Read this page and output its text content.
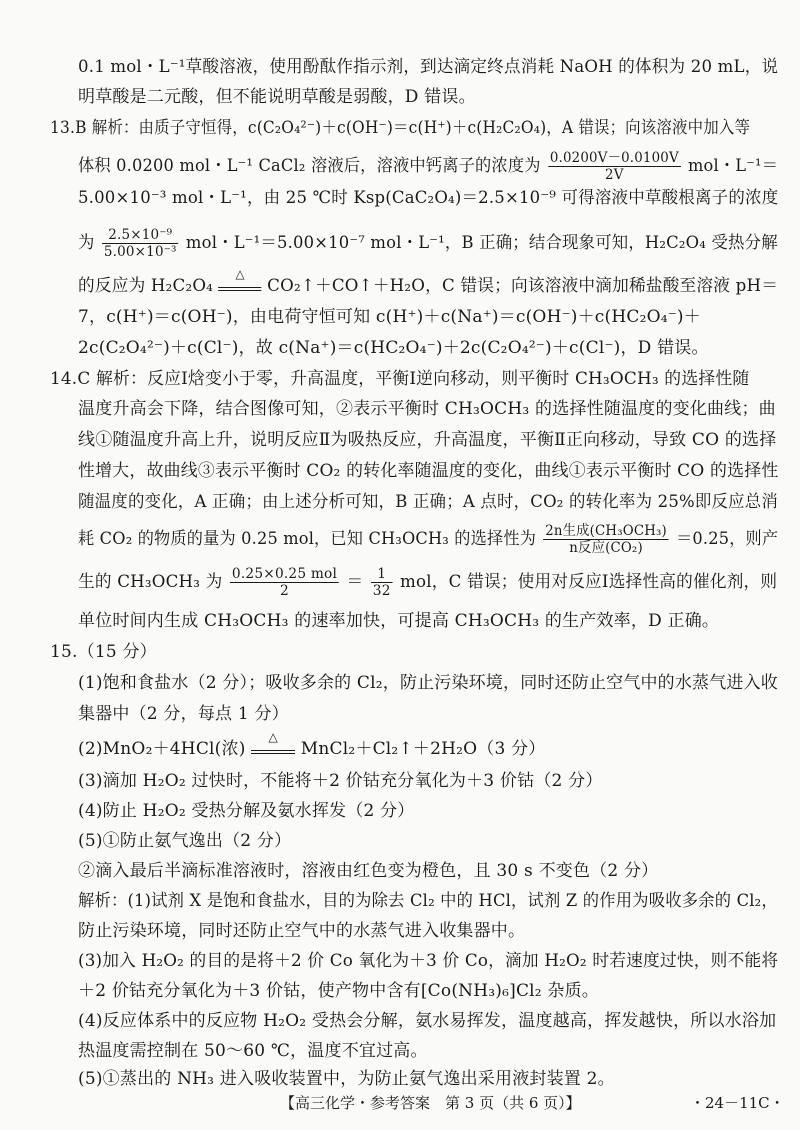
0.1 mol・L⁻¹草酸溶液，使用酚酞作指示剂，到达滴定终点消耗 NaOH 的体积为 20 mL，说
明草酸是二元酸，但不能说明草酸是弱酸，D 错误。
13.B 解析：由质子守恒得，c(C₂O₄²⁻)＋c(OH⁻)＝c(H⁺)＋c(H₂C₂O₄)，A 错误；向该溶液中加入等
体积 0.0200 mol・L⁻¹ CaCl₂ 溶液后，溶液中钙离子的浓度为 $\frac{0.0200V-0.0100V}{2V}$ mol・L⁻¹＝
5.00×10⁻³ mol・L⁻¹，由 25 ℃时 Ksp(CaC₂O₄)＝2.5×10⁻⁹ 可得溶液中草酸根离子的浓度
为 $\frac{\text{2.5×10⁻⁹}}{\text{5.00×10⁻³}}$ mol・L⁻¹＝5.00×10⁻⁷ mol・L⁻¹，B 正确；结合现象可知，H₂C₂O₄ 受热分解
的反应为 H₂C₂O₄
△
CO₂↑＋CO↑＋H₂O，C 错误；向该溶液中滴加稀盐酸至溶液 pH＝
7，c(H⁺)＝c(OH⁻)，由电荷守恒可知 c(H⁺)＋c(Na⁺)＝c(OH⁻)＋c(HC₂O₄⁻)＋
2c(C₂O₄²⁻)＋c(Cl⁻)，故 c(Na⁺)＝c(HC₂O₄⁻)＋2c(C₂O₄²⁻)＋c(Cl⁻)，D 错误。
14.C 解析：反应Ⅰ焓变小于零，升高温度，平衡Ⅰ逆向移动，则平衡时 CH₃OCH₃ 的选择性随
温度升高会下降，结合图像可知，②表示平衡时 CH₃OCH₃ 的选择性随温度的变化曲线；曲
线①随温度升高上升，说明反应Ⅱ为吸热反应，升高温度，平衡Ⅱ正向移动，导致 CO 的选择
性增大，故曲线③表示平衡时 CO₂ 的转化率随温度的变化，曲线①表示平衡时 CO 的选择性
随温度的变化，A 正确；由上述分析可知，B 正确；A 点时，CO₂ 的转化率为 25%即反应总消
耗 CO₂ 的物质的量为 0.25 mol，已知 CH₃OCH₃ 的选择性为 $\frac{\text{2n生成(CH₃OCH₃)}}{\text{n反应(CO₂)}} =0.25$，则产
生的 CH₃OCH₃ 为 $\frac{\text{0.25×0.25 mol}}{2} = \frac{1}{32}$ mol，C 错误；使用对反应Ⅰ选择性高的催化剂，则
单位时间内生成 CH₃OCH₃ 的速率加快，可提高 CH₃OCH₃ 的生产效率，D 正确。
15.（15 分）
(1)饱和食盐水（2 分）；吸收多余的 Cl₂，防止污染环境，同时还防止空气中的水蒸气进入收
集器中（2 分，每点 1 分）
(2)MnO₂＋4HCl(浓)
△
MnCl₂＋Cl₂↑＋2H₂O（3 分）
(3)滴加 H₂O₂ 过快时，不能将＋2 价钴充分氧化为＋3 价钴（2 分）
(4)防止 H₂O₂ 受热分解及氨水挥发（2 分）
(5)①防止氨气逸出（2 分）
②滴入最后半滴标准溶液时，溶液由红色变为橙色，且 30 s 不变色（2 分）
解析：(1)试剂 X 是饱和食盐水，目的为除去 Cl₂ 中的 HCl，试剂 Z 的作用为吸收多余的 Cl₂，
防止污染环境，同时还防止空气中的水蒸气进入收集器中。
(3)加入 H₂O₂ 的目的是将＋2 价 Co 氧化为＋3 价 Co，滴加 H₂O₂ 时若速度过快，则不能将
＋2 价钴充分氧化为＋3 价钴，使产物中含有[Co(NH₃)₆]Cl₂ 杂质。
(4)反应体系中的反应物 H₂O₂ 受热会分解，氨水易挥发，温度越高，挥发越快，所以水浴加
热温度需控制在 50～60 ℃，温度不宜过高。
(5)①蒸出的 NH₃ 进入吸收装置中，为防止氨气逸出采用液封装置 2。
【高三化学・参考答案　第 3 页（共 6 页）】	・24－11C・
